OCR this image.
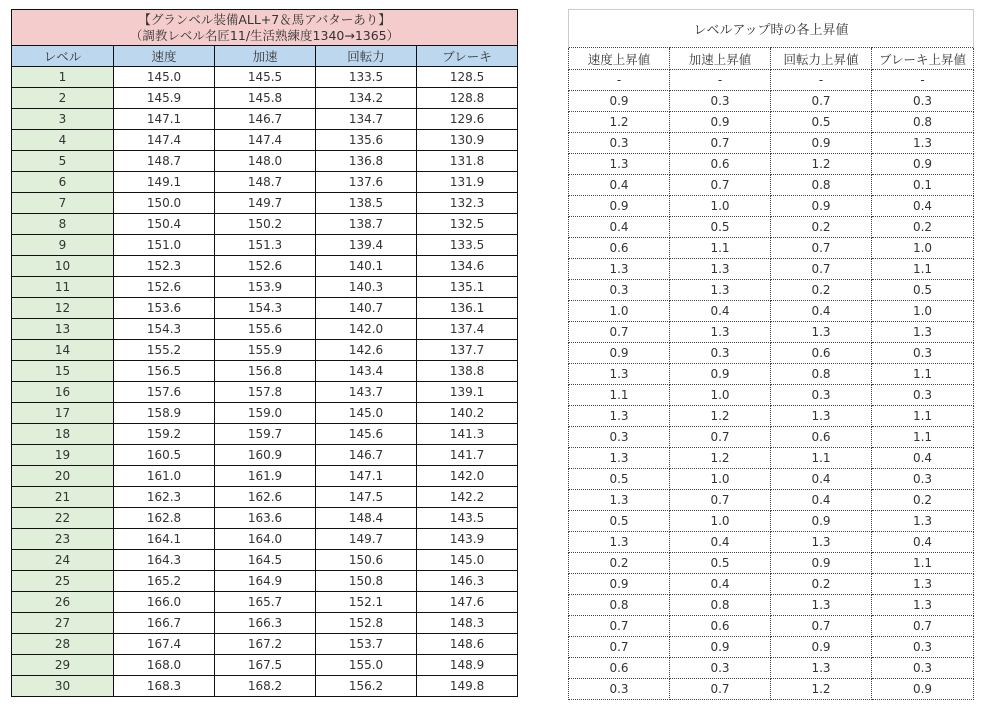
【グランベル装備ALL+7＆馬アバターあり】
（調教レベル名匠11/生活熟練度1340→1365）				
レベル	速度	加速	回転力	ブレーキ
1	145.0	145.5	133.5	128.5
2	145.9	145.8	134.2	128.8
3	147.1	146.7	134.7	129.6
4	147.4	147.4	135.6	130.9
5	148.7	148.0	136.8	131.8
6	149.1	148.7	137.6	131.9
7	150.0	149.7	138.5	132.3
8	150.4	150.2	138.7	132.5
9	151.0	151.3	139.4	133.5
10	152.3	152.6	140.1	134.6
11	152.6	153.9	140.3	135.1
12	153.6	154.3	140.7	136.1
13	154.3	155.6	142.0	137.4
14	155.2	155.9	142.6	137.7
15	156.5	156.8	143.4	138.8
16	157.6	157.8	143.7	139.1
17	158.9	159.0	145.0	140.2
18	159.2	159.7	145.6	141.3
19	160.5	160.9	146.7	141.7
20	161.0	161.9	147.1	142.0
21	162.3	162.6	147.5	142.2
22	162.8	163.6	148.4	143.5
23	164.1	164.0	149.7	143.9
24	164.3	164.5	150.6	145.0
25	165.2	164.9	150.8	146.3
26	166.0	165.7	152.1	147.6
27	166.7	166.3	152.8	148.3
28	167.4	167.2	153.7	148.6
29	168.0	167.5	155.0	148.9
30	168.3	168.2	156.2	149.8
レベルアップ時の各上昇値			
速度上昇値	加速上昇値	回転力上昇値	ブレーキ上昇値
-	-	-	-
0.9	0.3	0.7	0.3
1.2	0.9	0.5	0.8
0.3	0.7	0.9	1.3
1.3	0.6	1.2	0.9
0.4	0.7	0.8	0.1
0.9	1.0	0.9	0.4
0.4	0.5	0.2	0.2
0.6	1.1	0.7	1.0
1.3	1.3	0.7	1.1
0.3	1.3	0.2	0.5
1.0	0.4	0.4	1.0
0.7	1.3	1.3	1.3
0.9	0.3	0.6	0.3
1.3	0.9	0.8	1.1
1.1	1.0	0.3	0.3
1.3	1.2	1.3	1.1
0.3	0.7	0.6	1.1
1.3	1.2	1.1	0.4
0.5	1.0	0.4	0.3
1.3	0.7	0.4	0.2
0.5	1.0	0.9	1.3
1.3	0.4	1.3	0.4
0.2	0.5	0.9	1.1
0.9	0.4	0.2	1.3
0.8	0.8	1.3	1.3
0.7	0.6	0.7	0.7
0.7	0.9	0.9	0.3
0.6	0.3	1.3	0.3
0.3	0.7	1.2	0.9
